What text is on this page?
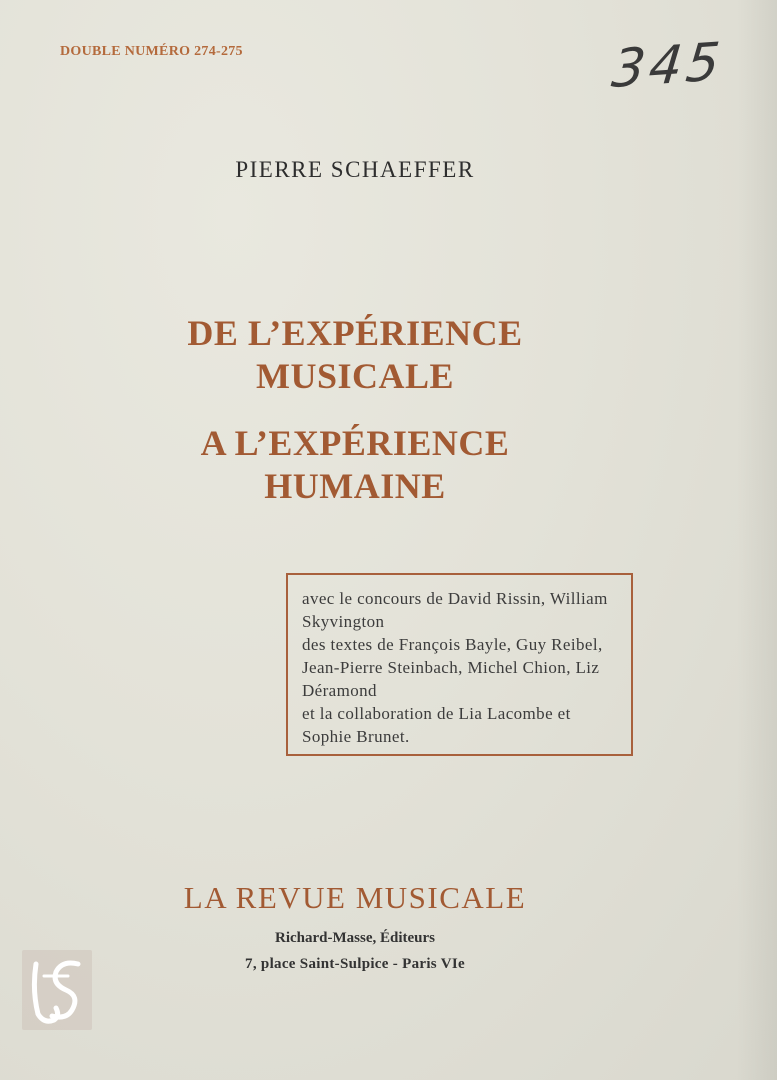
DOUBLE NUMÉRO 274-275	345
PIERRE SCHAEFFER
DE L’EXPÉRIENCE
MUSICALE
A L’EXPÉRIENCE
HUMAINE

avec le concours de David Rissin, William Skyvington

des textes de François Bayle, Guy Reibel, Jean-Pierre Steinbach, Michel Chion, Liz Déramond

et la collaboration de Lia Lacombe et Sophie Brunet.

LA REVUE MUSICALE
Richard-Masse, Éditeurs
7, place Saint-Sulpice - Paris VIe
